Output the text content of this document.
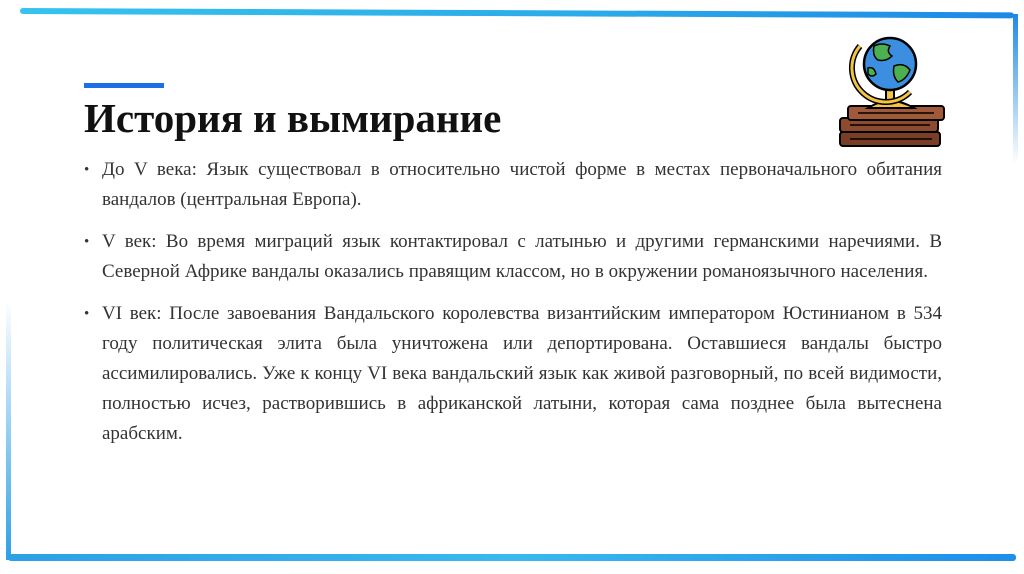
История и вымирание
• До V века: Язык существовал в относительно чистой форме в местах первоначального обитания вандалов (центральная Европа).
• V век: Во время миграций язык контактировал с латынью и другими германскими наречиями. В Северной Африке вандалы оказались правящим классом, но в окружении романоязычного населения.
• VI век: После завоевания Вандальского королевства византийским императором Юстинианом в 534 году политическая элита была уничтожена или депортирована. Оставшиеся вандалы быстро ассимилировались. Уже к концу VI века вандальский язык как живой разговорный, по всей видимости, полностью исчез, растворившись в африканской латыни, которая сама позднее была вытеснена арабским.
